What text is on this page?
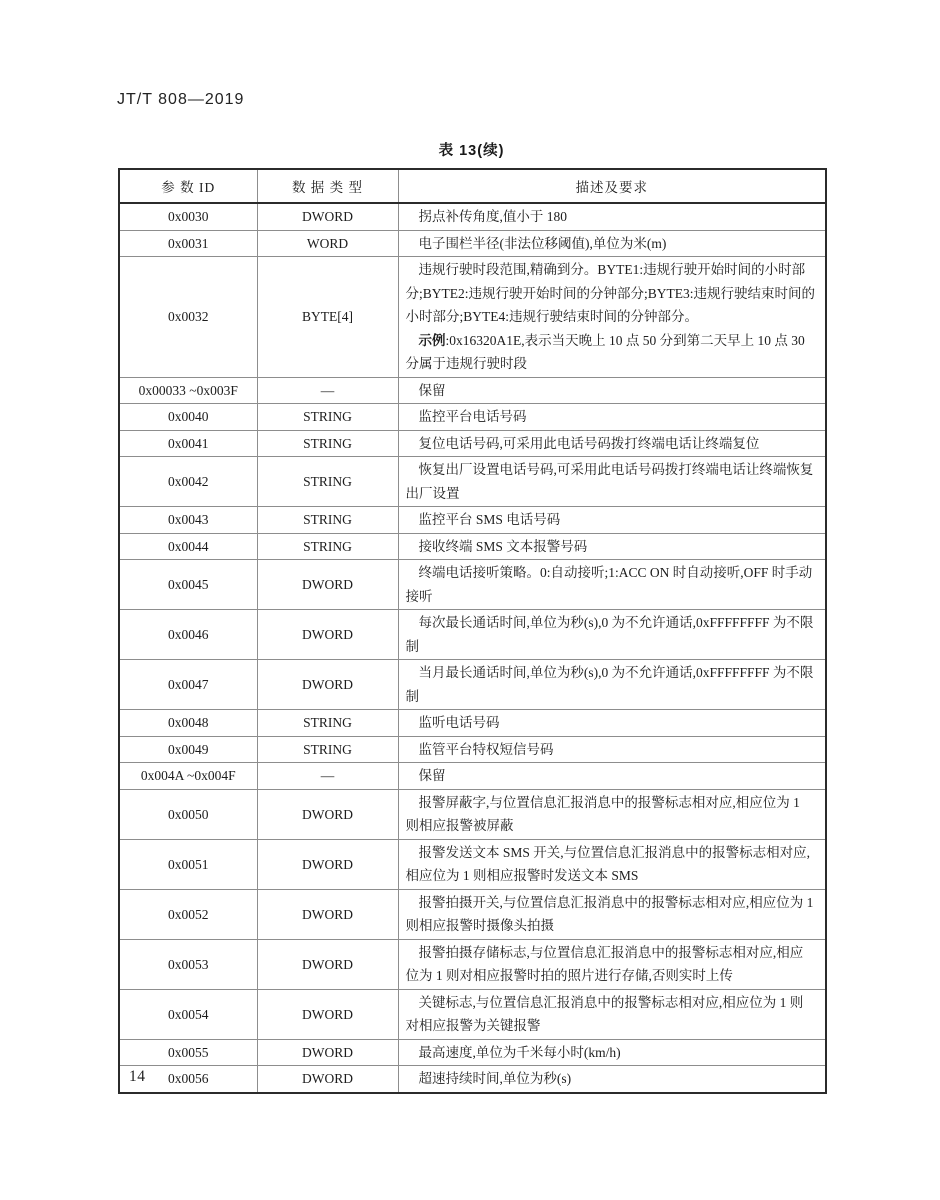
JT/T 808—2019
表 13(续)
参 数 ID	数 据 类 型	描述及要求
0x0030	DWORD	拐点补传角度,值小于 180

0x0031	WORD	电子围栏半径(非法位移阈值),单位为米(m)

0x0032	BYTE[4]	违规行驶时段范围,精确到分。BYTE1:违规行驶开始时间的小时部分;BYTE2:违规行驶开始时间的分钟部分;BYTE3:违规行驶结束时间的小时部分;BYTE4:违规行驶结束时间的分钟部分。

示例:0x16320A1E,表示当天晚上 10 点 50 分到第二天早上 10 点 30 分属于违规行驶时段

0x00033 ~0x003F	—	保留

0x0040	STRING	监控平台电话号码

0x0041	STRING	复位电话号码,可采用此电话号码拨打终端电话让终端复位

0x0042	STRING	恢复出厂设置电话号码,可采用此电话号码拨打终端电话让终端恢复出厂设置

0x0043	STRING	监控平台 SMS 电话号码

0x0044	STRING	接收终端 SMS 文本报警号码

0x0045	DWORD	终端电话接听策略。0:自动接听;1:ACC ON 时自动接听,OFF 时手动接听

0x0046	DWORD	每次最长通话时间,单位为秒(s),0 为不允许通话,0xFFFFFFFF 为不限制

0x0047	DWORD	当月最长通话时间,单位为秒(s),0 为不允许通话,0xFFFFFFFF 为不限制

0x0048	STRING	监听电话号码

0x0049	STRING	监管平台特权短信号码

0x004A ~0x004F	—	保留

0x0050	DWORD	报警屏蔽字,与位置信息汇报消息中的报警标志相对应,相应位为 1 则相应报警被屏蔽

0x0051	DWORD	报警发送文本 SMS 开关,与位置信息汇报消息中的报警标志相对应,相应位为 1 则相应报警时发送文本 SMS

0x0052	DWORD	报警拍摄开关,与位置信息汇报消息中的报警标志相对应,相应位为 1 则相应报警时摄像头拍摄

0x0053	DWORD	报警拍摄存储标志,与位置信息汇报消息中的报警标志相对应,相应位为 1 则对相应报警时拍的照片进行存储,否则实时上传

0x0054	DWORD	关键标志,与位置信息汇报消息中的报警标志相对应,相应位为 1 则对相应报警为关键报警

0x0055	DWORD	最高速度,单位为千米每小时(km/h)

0x0056	DWORD	超速持续时间,单位为秒(s)

14
